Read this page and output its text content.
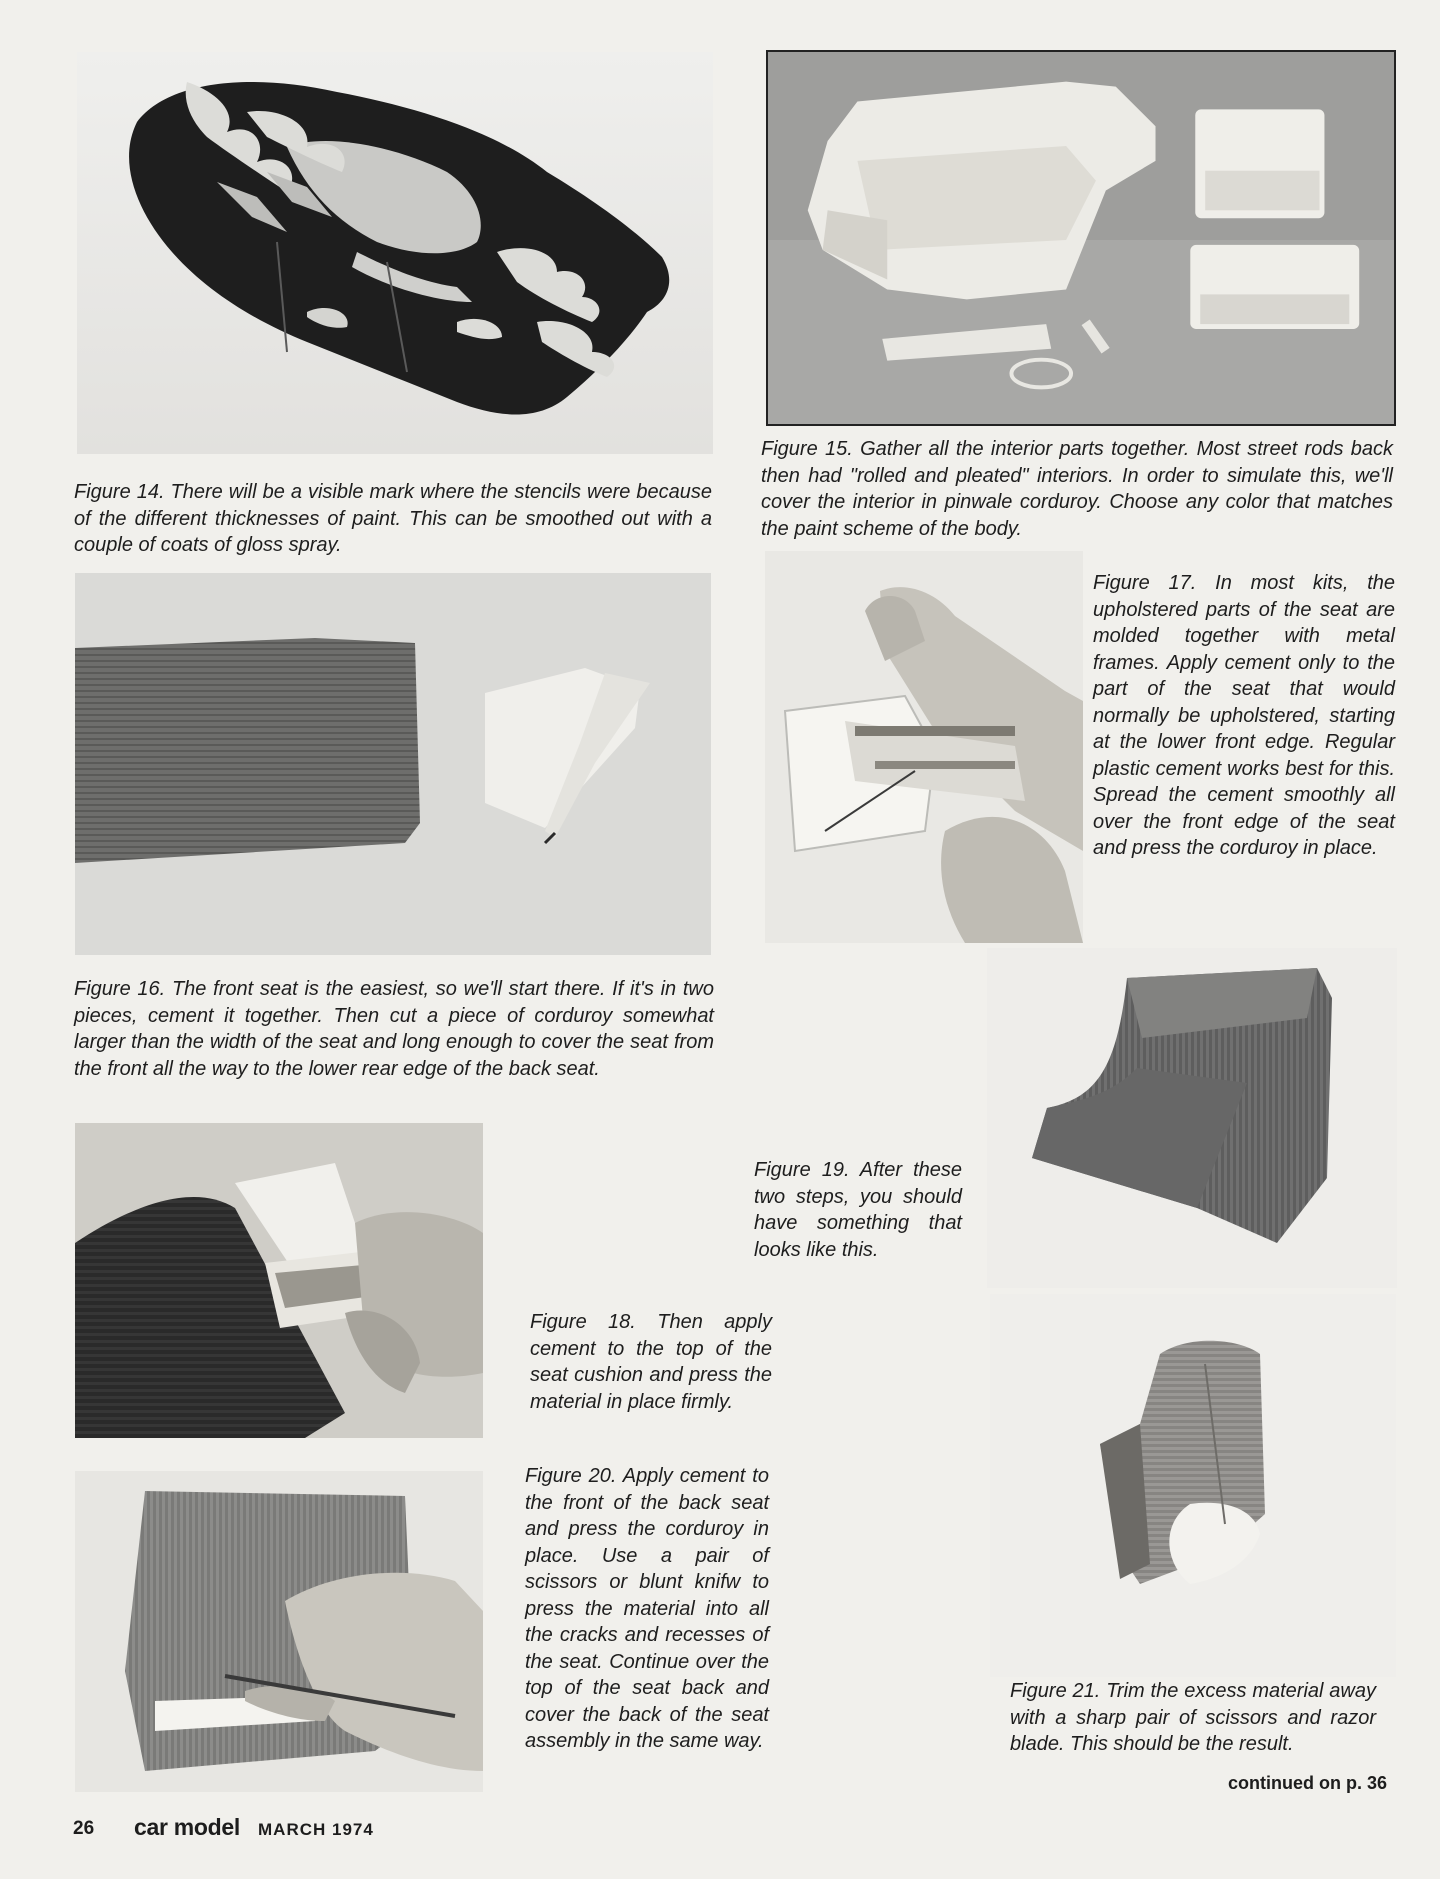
Figure 14. There will be a visible mark where the stencils were because of the different thicknesses of paint. This can be smoothed out with a couple of coats of gloss spray.

Figure 15. Gather all the interior parts together. Most street rods back then had "rolled and pleated" interiors. In order to simulate this, we'll cover the interior in pinwale corduroy. Choose any color that matches the paint scheme of the body.

Figure 16. The front seat is the easiest, so we'll start there. If it's in two pieces, cement it together. Then cut a piece of corduroy somewhat larger than the width of the seat and long enough to cover the seat from the front all the way to the lower rear edge of the back seat.

Figure 17. In most kits, the upholstered parts of the seat are molded together with metal frames. Apply cement only to the part of the seat that would normally be upholstered, starting at the lower front edge. Regular plastic cement works best for this. Spread the cement smoothly all over the front edge of the seat and press the corduroy in place.

Figure 19. After these two steps, you should have something that looks like this.

Figure 18. Then apply cement to the top of the seat cushion and press the material in place firmly.

Figure 20. Apply cement to the front of the back seat and press the corduroy in place. Use a pair of scissors or blunt knifw to press the material into all the cracks and recesses of the seat. Continue over the top of the seat back and cover the back of the seat assembly in the same way.

Figure 21. Trim the excess material away with a sharp pair of scissors and razor blade. This should be the result.

26 car model MARCH 1974
continued on p. 36
